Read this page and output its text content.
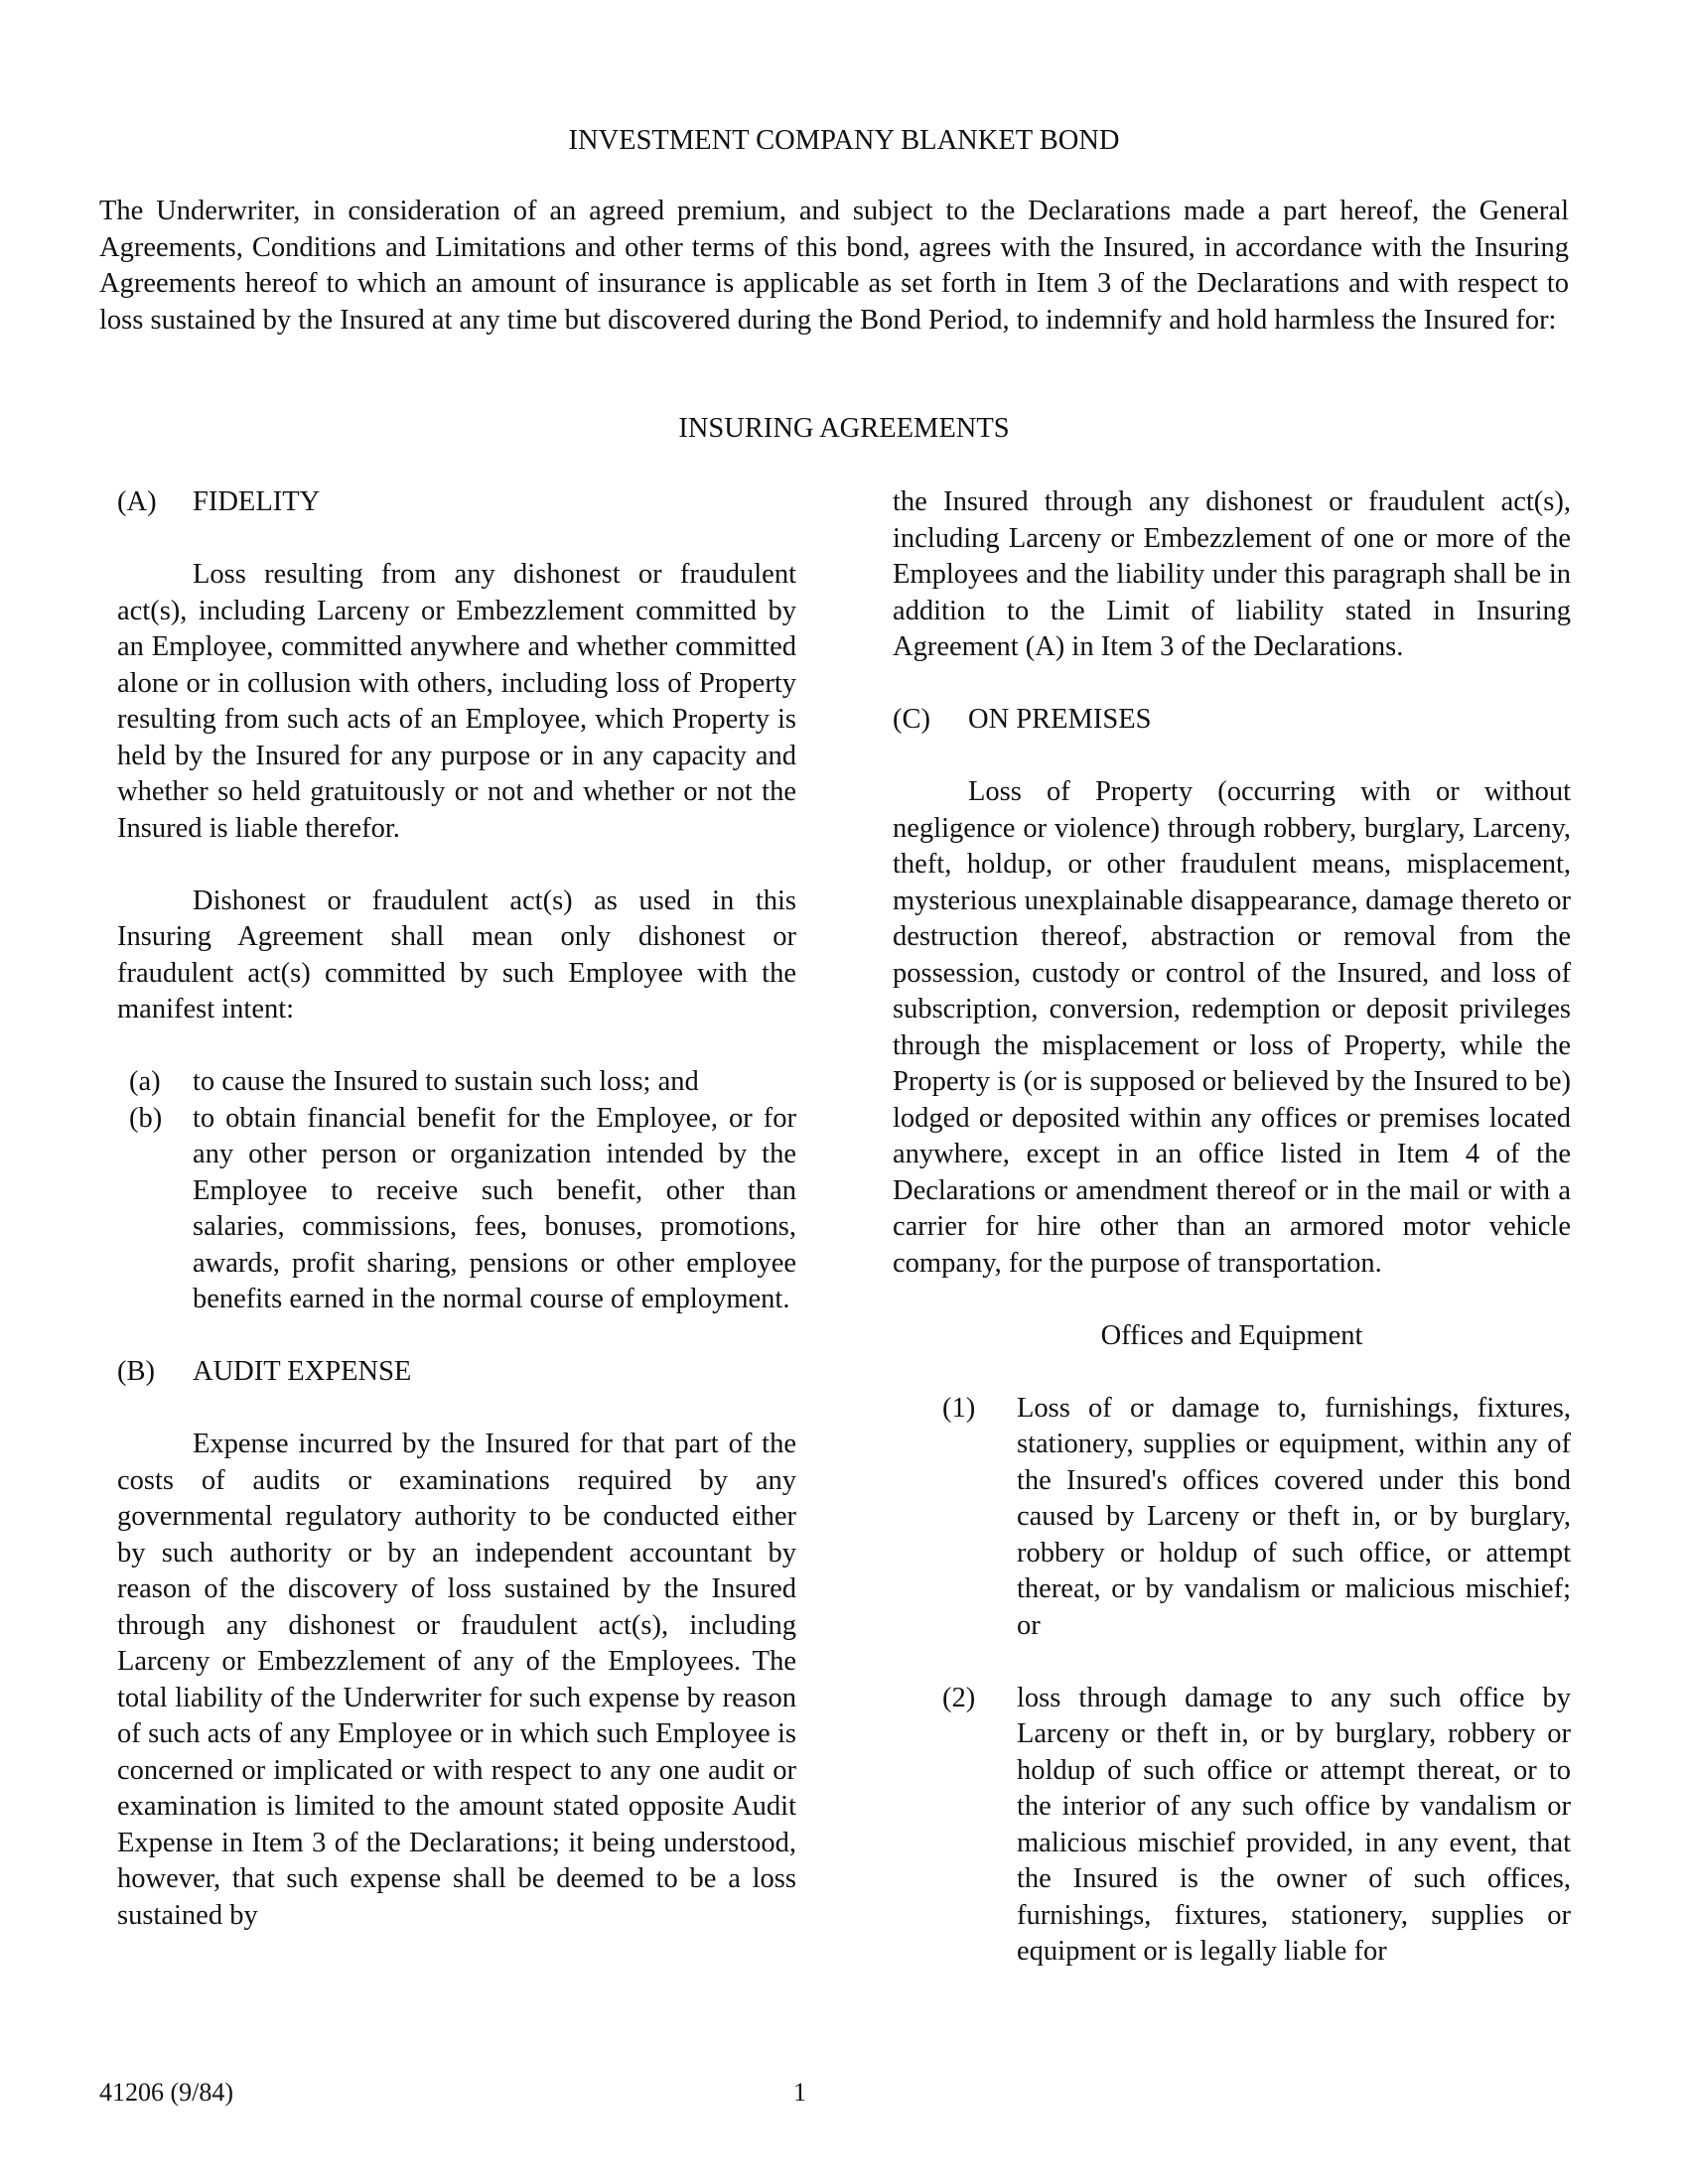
INVESTMENT COMPANY BLANKET BOND

The Underwriter, in consideration of an agreed premium, and subject to the Declarations made a part hereof, the General Agreements, Conditions and Limitations and other terms of this bond, agrees with the Insured, in accordance with the Insuring Agreements hereof to which an amount of insurance is applicable as set forth in Item 3 of the Declarations and with respect to loss sustained by the Insured at any time but discovered during the Bond Period, to indemnify and hold harmless the Insured for:

INSURING AGREEMENTS
(A)	FIDELITY

Loss resulting from any dishonest or fraudulent act(s), including Larceny or Embezzlement committed by an Employee, committed anywhere and whether committed alone or in collusion with others, including loss of Property resulting from such acts of an Employee, which Property is held by the Insured for any purpose or in any capacity and whether so held gratuitously or not and whether or not the Insured is liable therefor.

Dishonest or fraudulent act(s) as used in this Insuring Agreement shall mean only dishonest or fraudulent act(s) committed by such Employee with the manifest intent:

(a)	to cause the Insured to sustain such loss; and
(b)	to obtain financial benefit for the Employee, or for any other person or organization intended by the Employee to receive such benefit, other than salaries, commissions, fees, bonuses, promotions, awards, profit sharing, pensions or other employee benefits earned in the normal course of employment.
(B)	AUDIT EXPENSE

Expense incurred by the Insured for that part of the costs of audits or examinations required by any governmental regulatory authority to be conducted either by such authority or by an independent accountant by reason of the discovery of loss sustained by the Insured through any dishonest or fraudulent act(s), including Larceny or Embezzlement of any of the Employees. The total liability of the Underwriter for such expense by reason of such acts of any Employee or in which such Employee is concerned or implicated or with respect to any one audit or examination is limited to the amount stated opposite Audit Expense in Item 3 of the Declarations; it being understood, however, that such expense shall be deemed to be a loss sustained by

the Insured through any dishonest or fraudulent act(s), including Larceny or Embezzlement of one or more of the Employees and the liability under this paragraph shall be in addition to the Limit of liability stated in Insuring Agreement (A) in Item 3 of the Declarations.

(C)	ON PREMISES

Loss of Property (occurring with or without negligence or violence) through robbery, burglary, Larceny, theft, holdup, or other fraudulent means, misplacement, mysterious unexplainable disappearance, damage thereto or destruction thereof, abstraction or removal from the possession, custody or control of the Insured, and loss of subscription, conversion, redemption or deposit privileges through the misplacement or loss of Property, while the Property is (or is supposed or believed by the Insured to be) lodged or deposited within any offices or premises located anywhere, except in an office listed in Item 4 of the Declarations or amendment thereof or in the mail or with a carrier for hire other than an armored motor vehicle company, for the purpose of transportation.

Offices and Equipment

(1)	Loss of or damage to, furnishings, fixtures, stationery, supplies or equipment, within any of the Insured's offices covered under this bond caused by Larceny or theft in, or by burglary, robbery or holdup of such office, or attempt thereat, or by vandalism or malicious mischief; or
(2)	loss through damage to any such office by Larceny or theft in, or by burglary, robbery or holdup of such office or attempt thereat, or to the interior of any such office by vandalism or malicious mischief provided, in any event, that the Insured is the owner of such offices, furnishings, fixtures, stationery, supplies or equipment or is legally liable for
41206 (9/84)	1
